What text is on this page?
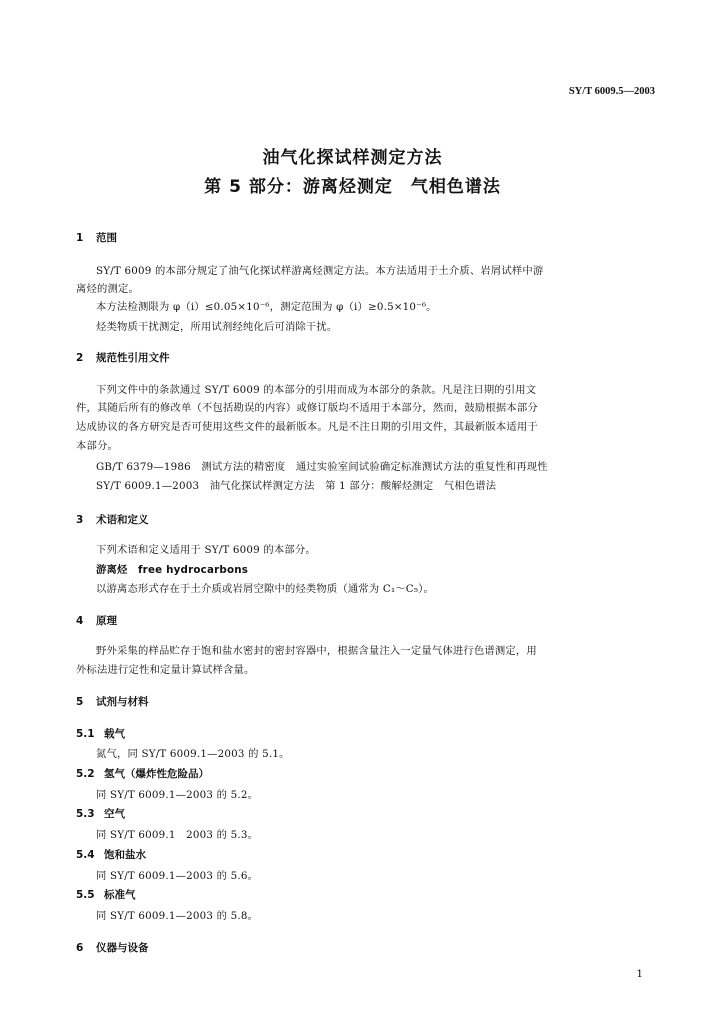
SY/T 6009.5—2003
油气化探试样测定方法
第 5 部分：游离烃测定　气相色谱法
1 范围
SY/T 6009 的本部分规定了油气化探试样游离烃测定方法。本方法适用于土介质、岩屑试样中游
离烃的测定。
本方法检测限为 φ（i）≤0.05×10⁻⁶，测定范围为 φ（i）≥0.5×10⁻⁶。
烃类物质干扰测定，所用试剂经纯化后可消除干扰。
2 规范性引用文件
下列文件中的条款通过 SY/T 6009 的本部分的引用而成为本部分的条款。凡是注日期的引用文
件，其随后所有的修改单（不包括勘误的内容）或修订版均不适用于本部分，然而，鼓励根据本部分
达成协议的各方研究是否可使用这些文件的最新版本。凡是不注日期的引用文件，其最新版本适用于
本部分。
GB/T 6379—1986　测试方法的精密度　通过实验室间试验确定标准测试方法的重复性和再现性
SY/T 6009.1—2003　油气化探试样测定方法　第 1 部分：酸解烃测定　气相色谱法
3 术语和定义
下列术语和定义适用于 SY/T 6009 的本部分。
游离烃　free hydrocarbons
以游离态形式存在于土介质或岩屑空隙中的烃类物质（通常为 C₁～C₅）。
4 原理
野外采集的样品贮存于饱和盐水密封的密封容器中，根据含量注入一定量气体进行色谱测定，用
外标法进行定性和定量计算试样含量。
5 试剂与材料
5.1 载气
氮气，同 SY/T 6009.1—2003 的 5.1。
5.2 氢气（爆炸性危险品）
同 SY/T 6009.1—2003 的 5.2。
5.3 空气
同 SY/T 6009.1　2003 的 5.3。
5.4 饱和盐水
同 SY/T 6009.1—2003 的 5.6。
5.5 标准气
同 SY/T 6009.1—2003 的 5.8。
6 仪器与设备
1
